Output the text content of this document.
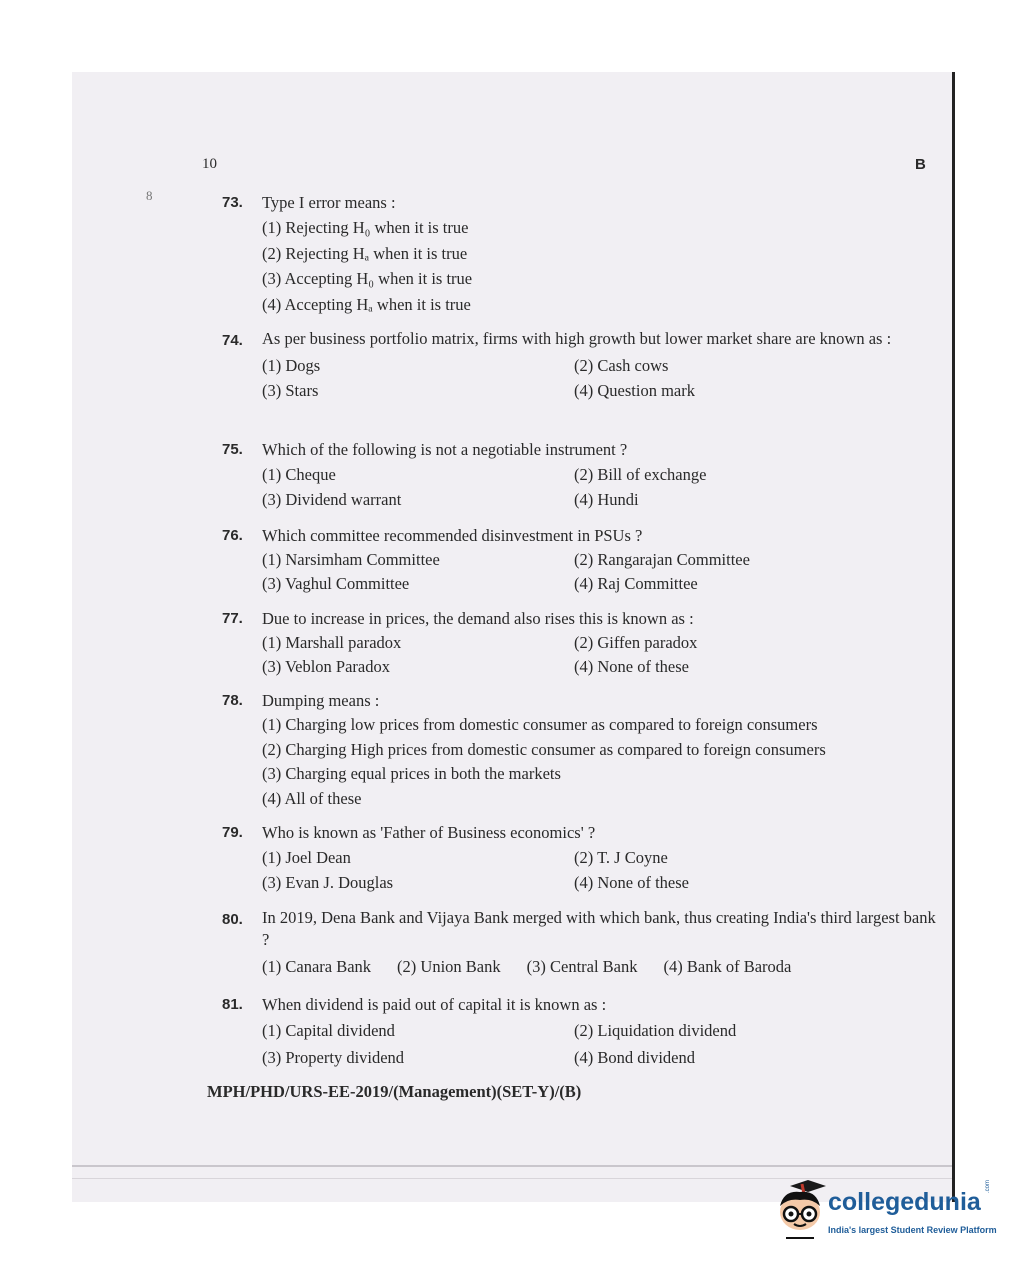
10	B
8	73. Type I error means :
(1) Rejecting H₀ when it is true
(2) Rejecting Hₐ when it is true
(3) Accepting H₀ when it is true
(4) Accepting Hₐ when it is true
74. As per business portfolio matrix, firms with high growth but lower market share are known as :
(1) Dogs	(2) Cash cows
(3) Stars	(4) Question mark
75. Which of the following is not a negotiable instrument ?
(1) Cheque	(2) Bill of exchange
(3) Dividend warrant	(4) Hundi
76. Which committee recommended disinvestment in PSUs ?
(1) Narsimham Committee	(2) Rangarajan Committee
(3) Vaghul Committee	(4) Raj Committee
77. Due to increase in prices, the demand also rises this is known as :
(1) Marshall paradox	(2) Giffen paradox
(3) Veblon Paradox	(4) None of these
78. Dumping means :
(1) Charging low prices from domestic consumer as compared to foreign consumers
(2) Charging High prices from domestic consumer as compared to foreign consumers
(3) Charging equal prices in both the markets
(4) All of these
79. Who is known as 'Father of Business economics' ?
(1) Joel Dean	(2) T. J Coyne
(3) Evan J. Douglas	(4) None of these
80. In 2019, Dena Bank and Vijaya Bank merged with which bank, thus creating India's third largest bank ?
(1) Canara Bank (2) Union Bank (3) Central Bank (4) Bank of Baroda
81. When dividend is paid out of capital it is known as :
(1) Capital dividend	(2) Liquidation dividend
(3) Property dividend	(4) Bond dividend
MPH/PHD/URS-EE-2019/(Management)(SET-Y)/(B)
collegedunia
.com
India's largest Student Review Platform
